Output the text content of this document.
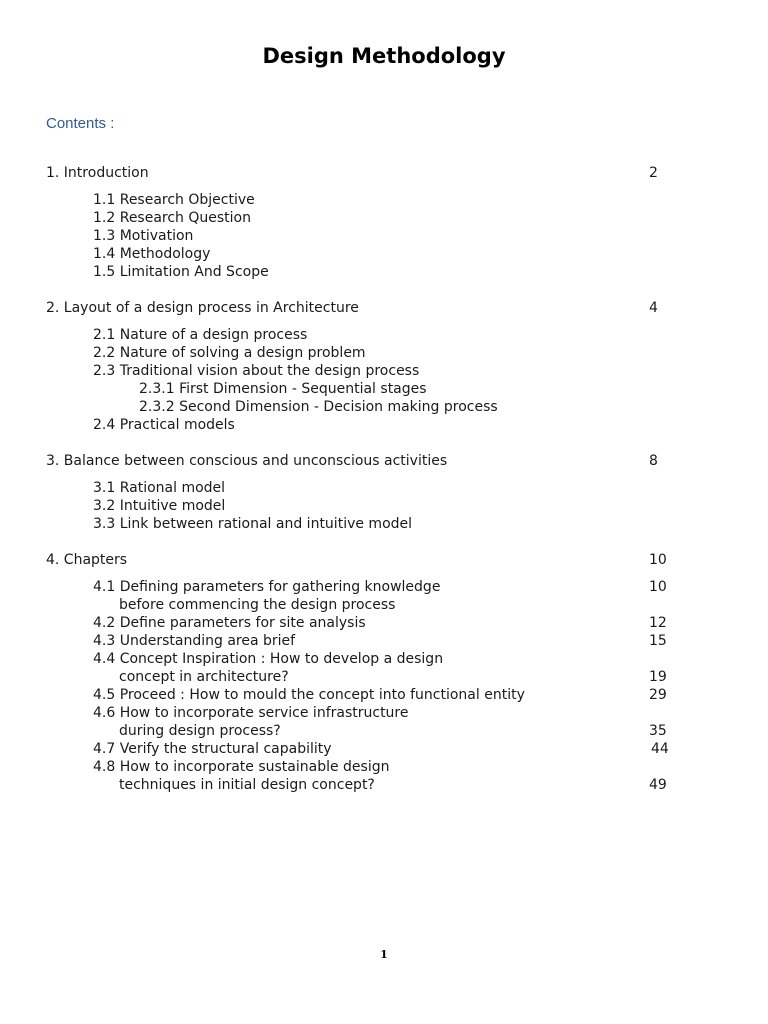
Design Methodology
Contents :
1. Introduction	2
1.1 Research Objective
1.2 Research Question
1.3 Motivation
1.4 Methodology
1.5 Limitation And Scope
2. Layout of a design process in Architecture	4
2.1 Nature of a design process
2.2 Nature of solving a design problem
2.3 Traditional vision about the design process
2.3.1 First Dimension - Sequential stages
2.3.2 Second Dimension - Decision making process
2.4 Practical models
3. Balance between conscious and unconscious activities	8
3.1 Rational model
3.2 Intuitive model
3.3 Link between rational and intuitive model
4. Chapters	10
4.1 Defining parameters for gathering knowledge	10
before commencing the design process
4.2 Define parameters for site analysis	12
4.3 Understanding area brief	15
4.4 Concept Inspiration : How to develop a design
concept in architecture?	19
4.5 Proceed : How to mould the concept into functional entity	29
4.6 How to incorporate service infrastructure
during design process?	35
4.7 Verify the structural capability	44
4.8 How to incorporate sustainable design
techniques in initial design concept?	49
1
